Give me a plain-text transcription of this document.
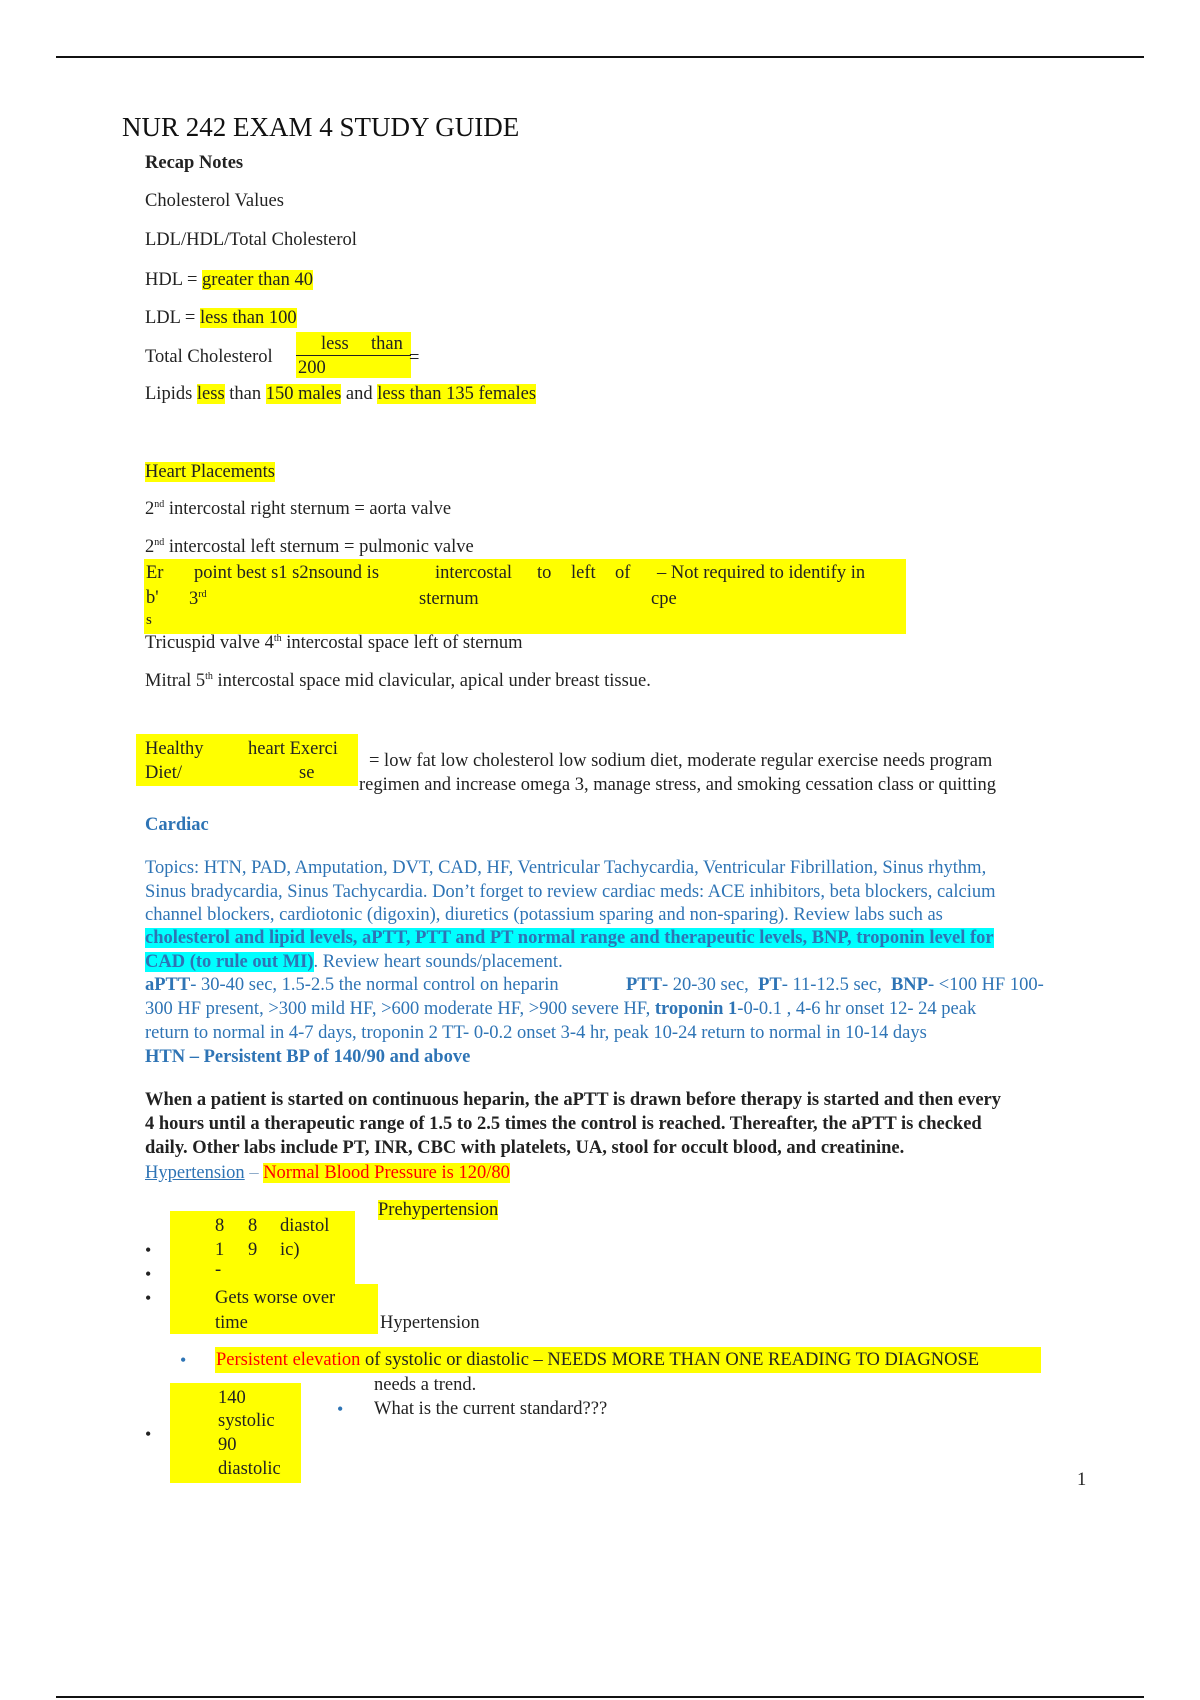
NUR 242 EXAM 4 STUDY GUIDE
Recap Notes
Cholesterol Values
LDL/HDL/Total Cholesterol
HDL = greater than 40
LDL = less than 100
Total Cholesterol
less than
200	=
Lipids less than 150 males and less than 135 females
Heart Placements
2nd intercostal right sternum = aorta valve
2nd intercostal left sternum = pulmonic valve
Er
b'
s
point best s1 s2nsound is
3rd
intercostal to left of
sternum
– Not required to identify in
cpe
Tricuspid valve 4th intercostal space left of sternum
Mitral 5th intercostal space mid clavicular, apical under breast tissue.
Healthy heart Exerci
Diet/	se
= low fat low cholesterol low sodium diet, moderate regular exercise needs program
regimen and increase omega 3, manage stress, and smoking cessation class or quitting
Cardiac
Topics: HTN, PAD, Amputation, DVT, CAD, HF, Ventricular Tachycardia, Ventricular Fibrillation, Sinus rhythm,
Sinus bradycardia, Sinus Tachycardia. Don’t forget to review cardiac meds: ACE inhibitors, beta blockers, calcium
channel blockers, cardiotonic (digoxin), diuretics (potassium sparing and non-sparing). Review labs such as
cholesterol and lipid levels, aPTT, PTT and PT normal range and therapeutic levels, BNP, troponin level for
CAD (to rule out MI). Review heart sounds/placement.
aPTT- 30-40 sec, 1.5-2.5 the normal control on heparin	PTT- 20-30 sec, PT- 11-12.5 sec, BNP- <100 HF 100-
300 HF present, >300 mild HF, >600 moderate HF, >900 severe HF, troponin 1-0-0.1 , 4-6 hr onset 12- 24 peak
return to normal in 4-7 days, troponin 2 TT- 0-0.2 onset 3-4 hr, peak 10-24 return to normal in 10-14 days
HTN – Persistent BP of 140/90 and above
When a patient is started on continuous heparin, the aPTT is drawn before therapy is started and then every
4 hours until a therapeutic range of 1.5 to 2.5 times the control is reached. Thereafter, the aPTT is checked
daily. Other labs include PT, INR, CBC with platelets, UA, stool for occult blood, and creatinine.
Hypertension – Normal Blood Pressure is 120/80
Prehypertension
8 8 diastol
1 9 ic)
-
•
•
•	Gets worse over
time	Hypertension
• Persistent elevation of systolic or diastolic – NEEDS MORE THAN ONE READING TO DIAGNOSE
needs a trend.
140
systolic
90
diastolic
•
• What is the current standard???
1
